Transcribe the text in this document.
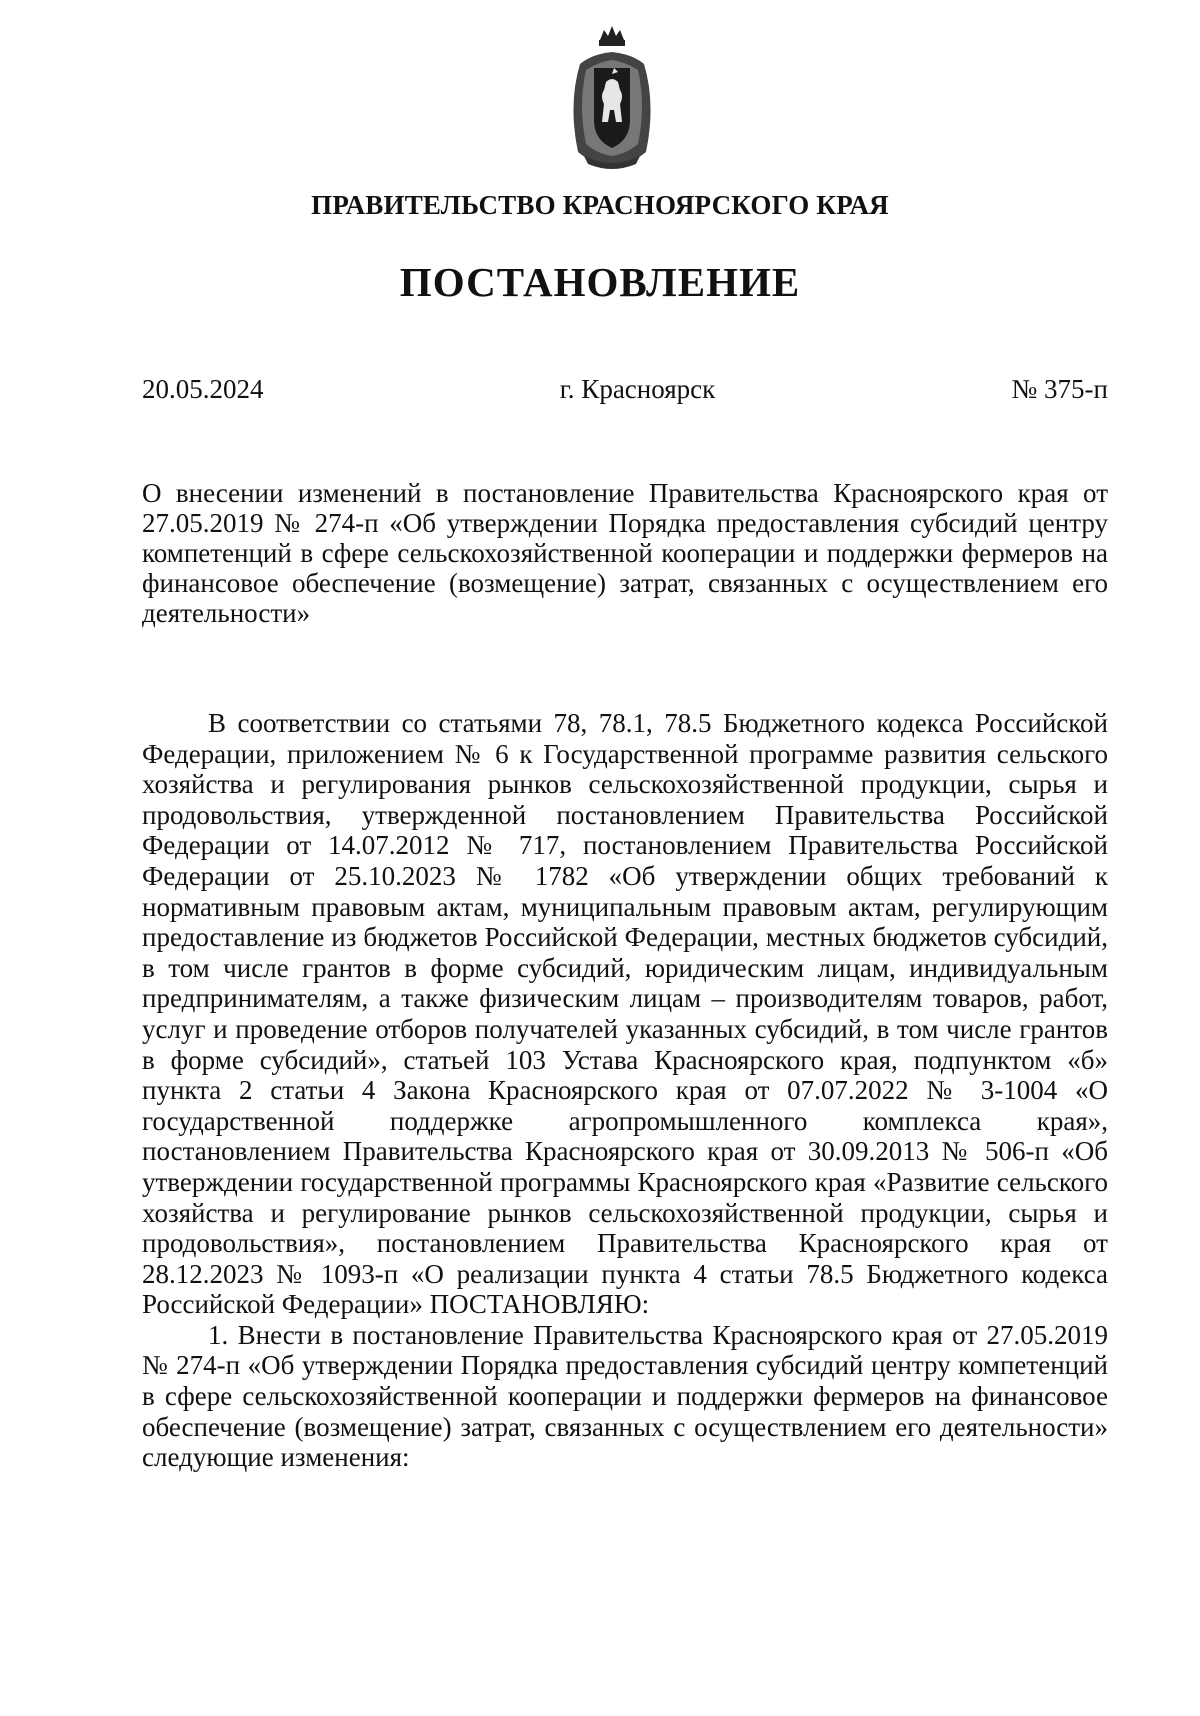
ПРАВИТЕЛЬСТВО КРАСНОЯРСКОГО КРАЯ
ПОСТАНОВЛЕНИЕ
20.05.2024	г. Красноярск	№ 375-п
О внесении изменений в постановление Правительства Красноярского края от 27.05.2019 № 274-п «Об утверждении Порядка предоставления субсидий центру компетенций в сфере сельскохозяйственной кооперации и поддержки фермеров на финансовое обеспечение (возмещение) затрат, связанных с осуществлением его деятельности»

В соответствии со статьями 78, 78.1, 78.5 Бюджетного кодекса Российской Федерации, приложением № 6 к Государственной программе развития сельского хозяйства и регулирования рынков сельскохозяйственной продукции, сырья и продовольствия, утвержденной постановлением Правительства Российской Федерации от 14.07.2012 № 717, постановлением Правительства Российской Федерации от 25.10.2023 № 1782 «Об утверждении общих требований к нормативным правовым актам, муниципальным правовым актам, регулирующим предоставление из бюджетов Российской Федерации, местных бюджетов субсидий, в том числе грантов в форме субсидий, юридическим лицам, индивидуальным предпринимателям, а также физическим лицам – производителям товаров, работ, услуг и проведение отборов получателей указанных субсидий, в том числе грантов в форме субсидий», статьей 103 Устава Красноярского края, подпунктом «б» пункта 2 статьи 4 Закона Красноярского края от 07.07.2022 № 3-1004 «О государственной поддержке агропромышленного комплекса края», постановлением Правительства Красноярского края от 30.09.2013 № 506-п «Об утверждении государственной программы Красноярского края «Развитие сельского хозяйства и регулирование рынков сельскохозяйственной продукции, сырья и продовольствия», постановлением Правительства Красноярского края от 28.12.2023 № 1093-п «О реализации пункта 4 статьи 78.5 Бюджетного кодекса Российской Федерации» ПОСТАНОВЛЯЮ:

1. Внести в постановление Правительства Красноярского края от 27.05.2019 № 274-п «Об утверждении Порядка предоставления субсидий центру компетенций в сфере сельскохозяйственной кооперации и поддержки фермеров на финансовое обеспечение (возмещение) затрат, связанных с осуществлением его деятельности» следующие изменения:
